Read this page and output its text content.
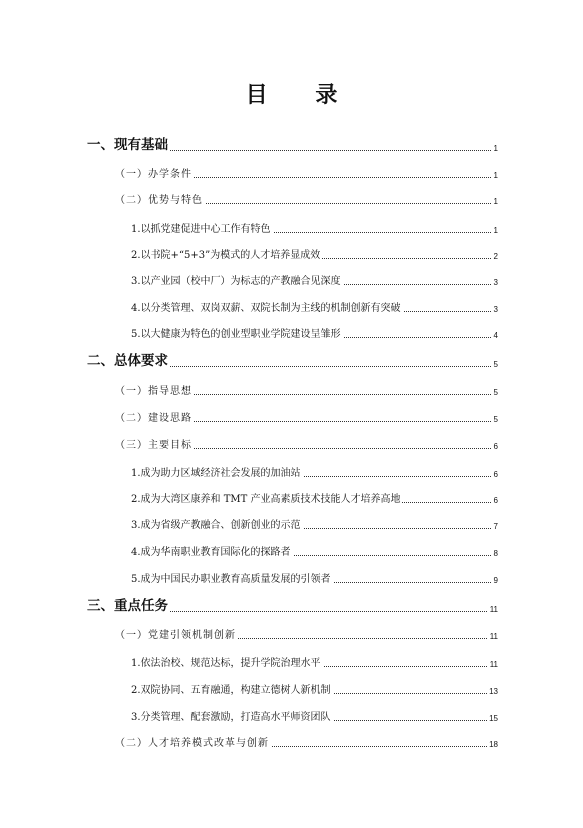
目 录
一、现有基础	1
（一）办学条件	1
（二）优势与特色	1
1.以抓党建促进中心工作有特色	1
2.以书院+“5+3”为模式的人才培养显成效	2
3.以产业园（校中厂）为标志的产教融合见深度	3
4.以分类管理、双岗双薪、双院长制为主线的机制创新有突破	3
5.以大健康为特色的创业型职业学院建设呈雏形	4
二、总体要求	5
（一）指导思想	5
（二）建设思路	5
（三）主要目标	6
1.成为助力区域经济社会发展的加油站	6
2.成为大湾区康养和 TMT 产业高素质技术技能人才培养高地	6
3.成为省级产教融合、创新创业的示范	7
4.成为华南职业教育国际化的探路者	8
5.成为中国民办职业教育高质量发展的引领者	9
三、重点任务	11
（一）党建引领机制创新	11
1.依法治校、规范达标，提升学院治理水平	11
2.双院协同、五育融通，构建立德树人新机制	13
3.分类管理、配套激励，打造高水平师资团队	15
（二）人才培养模式改革与创新	18
